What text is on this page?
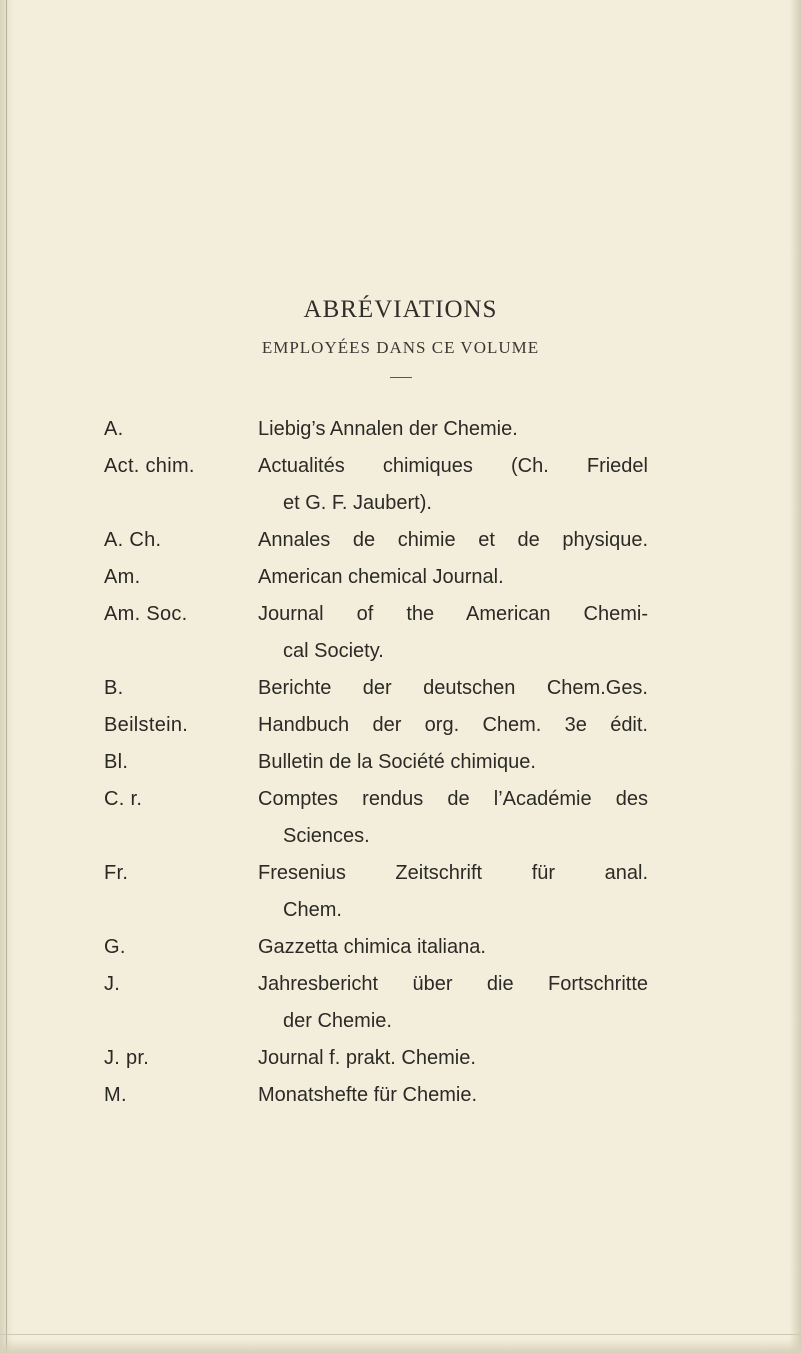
ABRÉVIATIONS
EMPLOYÉES DANS CE VOLUME
A.	Liebig’s Annalen der Chemie.
Act. chim.	Actualités chimiques (Ch. Friedel
et G. F. Jaubert).
A. Ch.	Annales de chimie et de physique.
Am.	American chemical Journal.
Am. Soc.	Journal of the American Chemi-
cal Society.
B.	Berichte der deutschen Chem.Ges.
Beilstein.	Handbuch der org. Chem. 3e édit.
Bl.	Bulletin de la Société chimique.
C. r.	Comptes rendus de l’Académie des
Sciences.
Fr.	Fresenius Zeitschrift für anal.
Chem.
G.	Gazzetta chimica italiana.
J.	Jahresbericht über die Fortschritte
der Chemie.
J. pr.	Journal f. prakt. Chemie.
M.	Monatshefte für Chemie.
